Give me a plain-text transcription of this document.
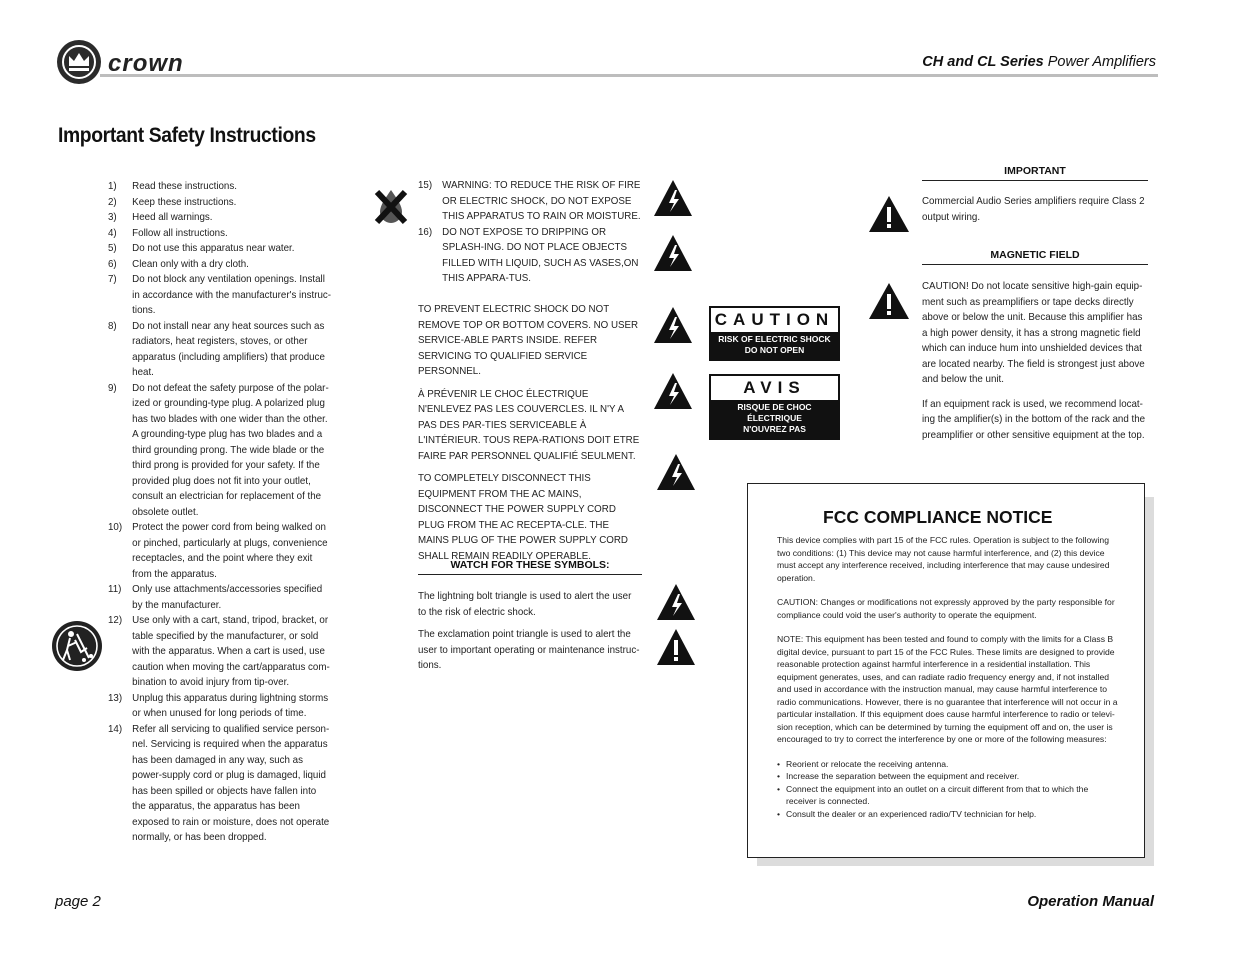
crown	CH and CL Series Power Amplifiers
Important Safety Instructions
1) Read these instructions.
2) Keep these instructions.
3) Heed all warnings.
4) Follow all instructions.
5) Do not use this apparatus near water.
6) Clean only with a dry cloth.
7) Do not block any ventilation openings. Install in accordance with the manufacturer's instruc-tions.
8) Do not install near any heat sources such as radiators, heat registers, stoves, or other apparatus (including amplifiers) that produce heat.
9) Do not defeat the safety purpose of the polar-ized or grounding-type plug. A polarized plug has two blades with one wider than the other. A grounding-type plug has two blades and a third grounding prong. The wide blade or the third prong is provided for your safety. If the provided plug does not fit into your outlet, consult an electrician for replacement of the obsolete outlet.
10) Protect the power cord from being walked on or pinched, particularly at plugs, convenience receptacles, and the point where they exit from the apparatus.
11) Only use attachments/accessories specified by the manufacturer.
12) Use only with a cart, stand, tripod, bracket, or table specified by the manufacturer, or sold with the apparatus. When a cart is used, use caution when moving the cart/apparatus com-bination to avoid injury from tip-over.
13) Unplug this apparatus during lightning storms or when unused for long periods of time.
14) Refer all servicing to qualified service person-nel. Servicing is required when the apparatus has been damaged in any way, such as power-supply cord or plug is damaged, liquid has been spilled or objects have fallen into the apparatus, the apparatus has been exposed to rain or moisture, does not operate normally, or has been dropped.
15) WARNING: TO REDUCE THE RISK OF FIRE OR ELECTRIC SHOCK, DO NOT EXPOSE THIS APPARATUS TO RAIN OR MOISTURE.
16) DO NOT EXPOSE TO DRIPPING OR SPLASH-ING. DO NOT PLACE OBJECTS FILLED WITH LIQUID, SUCH AS VASES,ON THIS APPARA-TUS.

TO PREVENT ELECTRIC SHOCK DO NOT REMOVE TOP OR BOTTOM COVERS. NO USER SERVICE-ABLE PARTS INSIDE. REFER SERVICING TO QUALIFIED SERVICE PERSONNEL.

À PRÉVENIR LE CHOC ÉLECTRIQUE N'ENLEVEZ PAS LES COUVERCLES. IL N'Y A PAS DES PAR-TIES SERVICEABLE À L'INTÉRIEUR. TOUS REPA-RATIONS DOIT ETRE FAIRE PAR PERSONNEL QUALIFIÉ SEULMENT.

TO COMPLETELY DISCONNECT THIS EQUIPMENT FROM THE AC MAINS, DISCONNECT THE POWER SUPPLY CORD PLUG FROM THE AC RECEPTA-CLE. THE MAINS PLUG OF THE POWER SUPPLY CORD SHALL REMAIN READILY OPERABLE.

WATCH FOR THESE SYMBOLS:

The lightning bolt triangle is used to alert the user to the risk of electric shock.

The exclamation point triangle is used to alert the user to important operating or maintenance instruc-tions.

CAUTION
RISK OF ELECTRIC SHOCK
DO NOT OPEN
AVIS
RISQUE DE CHOC ÉLECTRIQUE
N'OUVREZ PAS
IMPORTANT
Commercial Audio Series amplifiers require Class 2 output wiring.
MAGNETIC FIELD

CAUTION! Do not locate sensitive high-gain equip-ment such as preamplifiers or tape decks directly above or below the unit. Because this amplifier has a high power density, it has a strong magnetic field which can induce hum into unshielded devices that are located nearby. The field is strongest just above and below the unit.

If an equipment rack is used, we recommend locat-ing the amplifier(s) in the bottom of the rack and the preamplifier or other sensitive equipment at the top.

FCC COMPLIANCE NOTICE

This device complies with part 15 of the FCC rules. Operation is subject to the following two conditions: (1) This device may not cause harmful interference, and (2) this device must accept any interference received, including interference that may cause undesired operation.

CAUTION: Changes or modifications not expressly approved by the party responsible for compliance could void the user's authority to operate the equipment.

NOTE: This equipment has been tested and found to comply with the limits for a Class B digital device, pursuant to part 15 of the FCC Rules. These limits are designed to provide reasonable protection against harmful interference in a residential installation. This equipment generates, uses, and can radiate radio frequency energy and, if not installed and used in accordance with the instruction manual, may cause harmful interference to radio communications. However, there is no guarantee that interference will not occur in a particular installation. If this equipment does cause harmful interference to radio or televi-sion reception, which can be determined by turning the equipment off and on, the user is encouraged to try to correct the interference by one or more of the following measures:

• Reorient or relocate the receiving antenna.
• Increase the separation between the equipment and receiver.
• Connect the equipment into an outlet on a circuit different from that to which the receiver is connected.
• Consult the dealer or an experienced radio/TV technician for help.
page 2	Operation Manual
